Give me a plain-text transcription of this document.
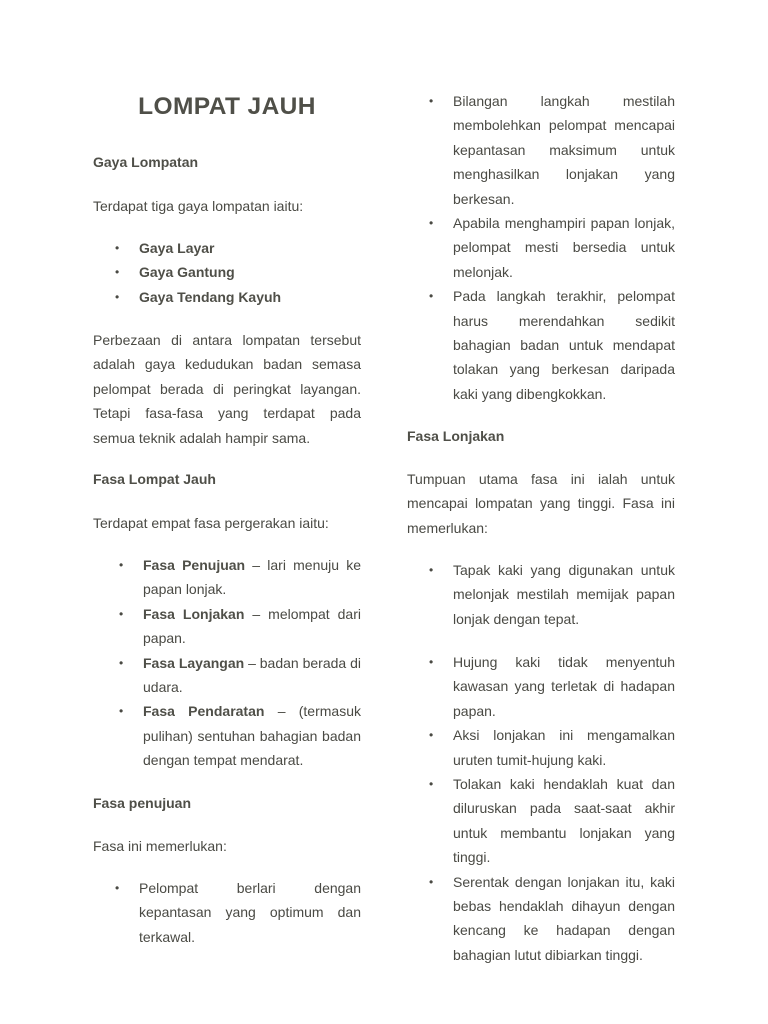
LOMPAT JAUH

Gaya Lompatan

Terdapat tiga gaya lompatan iaitu:

• Gaya Layar
• Gaya Gantung
• Gaya Tendang Kayuh

Perbezaan di antara lompatan tersebut adalah gaya kedudukan badan semasa pelompat berada di peringkat layangan. Tetapi fasa-fasa yang terdapat pada semua teknik adalah hampir sama.

Fasa Lompat Jauh

Terdapat empat fasa pergerakan iaitu:

• Fasa Penujuan – lari menuju ke papan lonjak.
• Fasa Lonjakan – melompat dari papan.
• Fasa Layangan – badan berada di udara.
• Fasa Pendaratan – (termasuk pulihan) sentuhan bahagian badan dengan tempat mendarat.

Fasa penujuan

Fasa ini memerlukan:

• Pelompat berlari dengan kepantasan yang optimum dan terkawal.
• Bilangan langkah mestilah membolehkan pelompat mencapai kepantasan maksimum untuk menghasilkan lonjakan yang berkesan.
• Apabila menghampiri papan lonjak, pelompat mesti bersedia untuk melonjak.
• Pada langkah terakhir, pelompat harus merendahkan sedikit bahagian badan untuk mendapat tolakan yang berkesan daripada kaki yang dibengkokkan.

Fasa Lonjakan

Tumpuan utama fasa ini ialah untuk mencapai lompatan yang tinggi. Fasa ini memerlukan:

• Tapak kaki yang digunakan untuk melonjak mestilah memijak papan lonjak dengan tepat.
• Hujung kaki tidak menyentuh kawasan yang terletak di hadapan papan.
• Aksi lonjakan ini mengamalkan uruten tumit-hujung kaki.
• Tolakan kaki hendaklah kuat dan diluruskan pada saat-saat akhir untuk membantu lonjakan yang tinggi.
• Serentak dengan lonjakan itu, kaki bebas hendaklah dihayun dengan kencang ke hadapan dengan bahagian lutut dibiarkan tinggi.
